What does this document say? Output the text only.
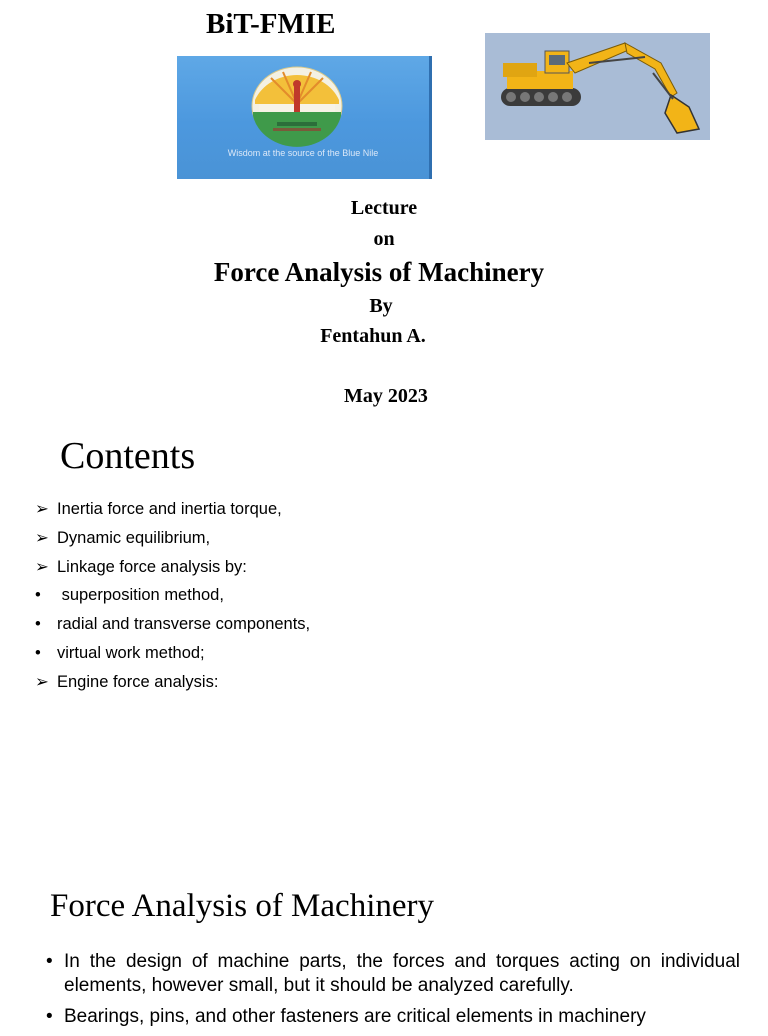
BiT-FMIE
Wisdom at the source of the Blue Nile
Lecture
on
Force Analysis of Machinery
By
Fentahun A.
May 2023
Contents
➢ Inertia force and inertia torque,
➢ Dynamic equilibrium,
➢ Linkage force analysis by:
• superposition method,
• radial and transverse components,
• virtual work method;
➢ Engine force analysis:
Force Analysis of Machinery
• In the design of machine parts, the forces and torques acting on individual elements, however small, but it should be analyzed carefully.
• Bearings, pins, and other fasteners are critical elements in machinery
